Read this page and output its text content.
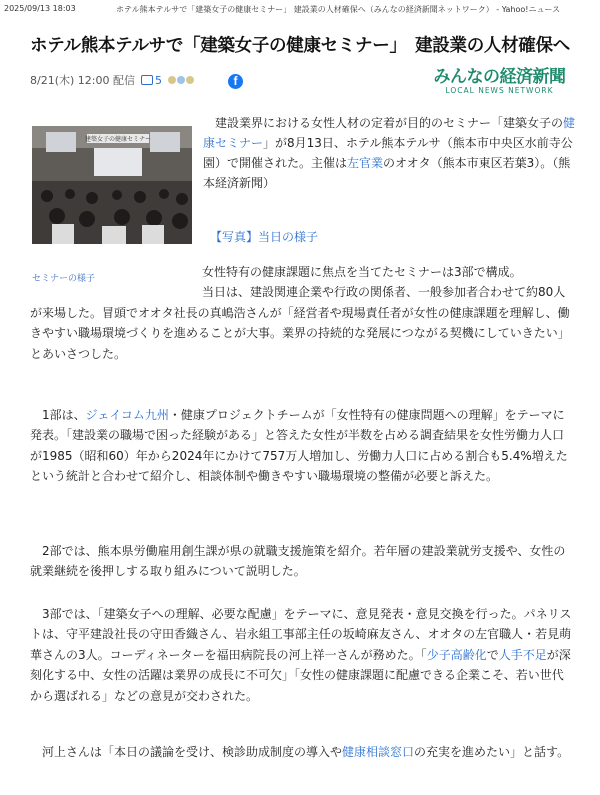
2025/09/13 18:03	ホテル熊本テルサで「建築女子の健康セミナー」 建設業の人材確保へ（みんなの経済新聞ネットワーク） - Yahoo!ニュース
ホテル熊本テルサで「建築女子の健康セミナー」　建設業の人材確保へ
8/21(木) 12:00 配信 5	f	みんなの経済新聞
LOCAL NEWS NETWORK
建築女子の健康セミナー
セミナーの様子

建設業界における女性人材の定着が目的のセミナー「建築女子の健康セミナー」が8月13日、ホテル熊本テルサ（熊本市中央区水前寺公園）で開催された。主催は左官業のオオタ（熊本市東区若葉3）。（熊本経済新聞）

【写真】当日の様子

女性特有の健康課題に焦点を当てたセミナーは3部で構成。

当日は、建設関連企業や行政の関係者、一般参加者合わせて約80人が来場した。冒頭でオオタ社長の真嶋浩さんが「経営者や現場責任者が女性の健康課題を理解し、働きやすい職場環境づくりを進めることが大事。業界の持続的な発展につながる契機にしていきたい」とあいさつした。

1部は、ジェイコム九州・健康プロジェクトチームが「女性特有の健康問題への理解」をテーマに発表。「建設業の職場で困った経験がある」と答えた女性が半数を占める調査結果を女性労働力人口が1985（昭和60）年から2024年にかけて757万人増加し、労働力人口に占める割合も5.4%増えたという統計と合わせて紹介し、相談体制や働きやすい職場環境の整備が必要と訴えた。

2部では、熊本県労働雇用創生課が県の就職支援施策を紹介。若年層の建設業就労支援や、女性の就業継続を後押しする取り組みについて説明した。

3部では、「建築女子への理解、必要な配慮」をテーマに、意見発表・意見交換を行った。パネリストは、守平建設社長の守田香織さん、岩永組工事部主任の坂崎麻友さん、オオタの左官職人・若見萌華さんの3人。コーディネーターを福田病院長の河上祥一さんが務めた。「少子高齢化で人手不足が深刻化する中、女性の活躍は業界の成長に不可欠」「女性の健康課題に配慮できる企業こそ、若い世代から選ばれる」などの意見が交わされた。

河上さんは「本日の議論を受け、検診助成制度の導入や健康相談窓口の充実を進めたい」と話す。
